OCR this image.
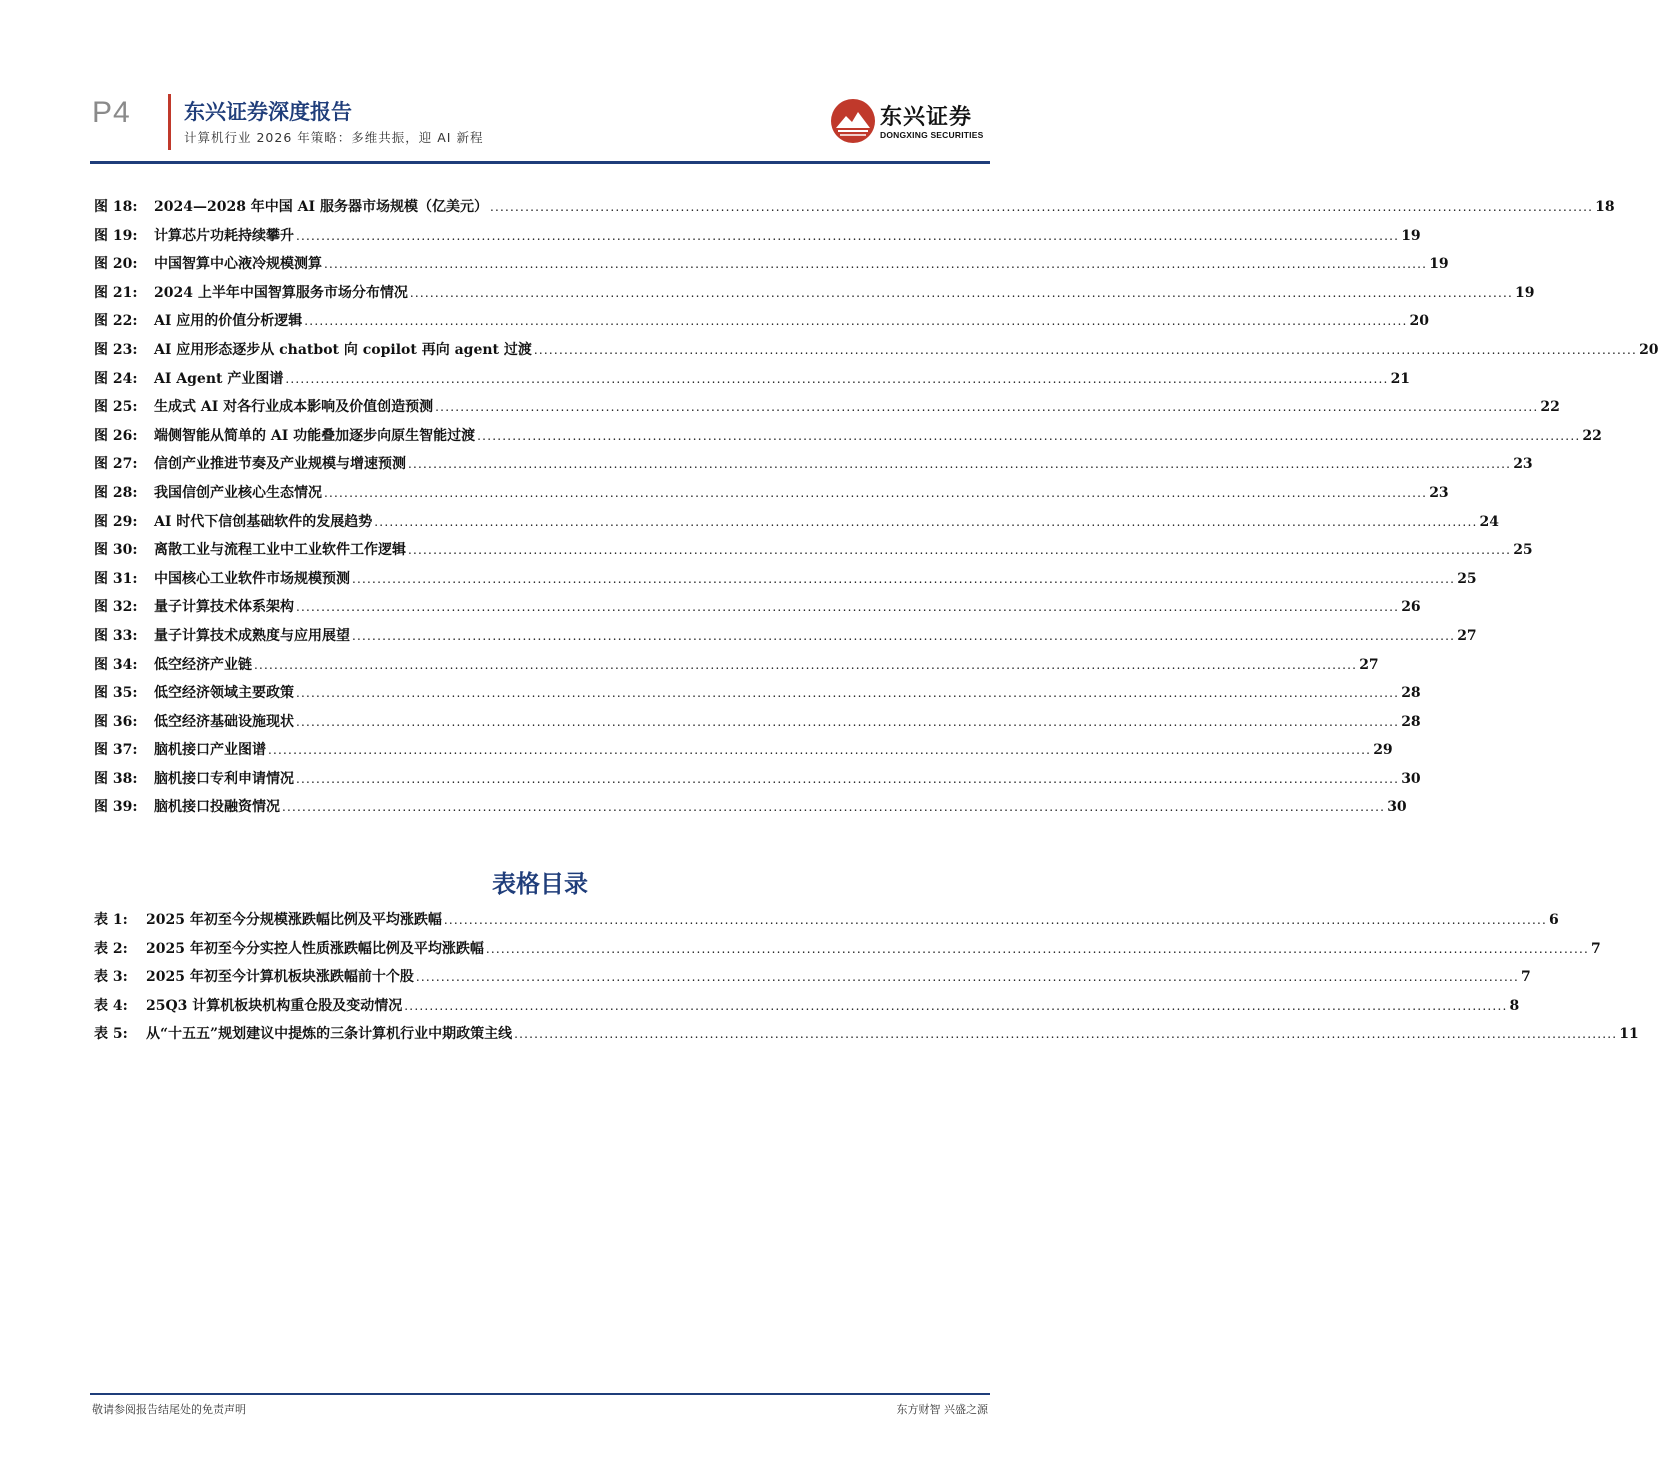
P4	东兴证券深度报告
计算机行业 2026 年策略：多维共振，迎 AI 新程
东兴证券
DONGXING SECURITIES
图 18:	2024—2028 年中国 AI 服务器市场规模（亿美元） ............................................................................................................................................................................................................................ 18
图 19:	计算芯片功耗持续攀升 ............................................................................................................................................................................................................................ 19
图 20:	中国智算中心液冷规模测算 ............................................................................................................................................................................................................................ 19
图 21:	2024 上半年中国智算服务市场分布情况 ............................................................................................................................................................................................................................ 19
图 22:	AI 应用的价值分析逻辑 ............................................................................................................................................................................................................................ 20
图 23:	AI 应用形态逐步从 chatbot 向 copilot 再向 agent 过渡 ............................................................................................................................................................................................................................ 20
图 24:	AI Agent 产业图谱 ............................................................................................................................................................................................................................ 21
图 25:	生成式 AI 对各行业成本影响及价值创造预测 ............................................................................................................................................................................................................................ 22
图 26:	端侧智能从简单的 AI 功能叠加逐步向原生智能过渡 ............................................................................................................................................................................................................................ 22
图 27:	信创产业推进节奏及产业规模与增速预测 ............................................................................................................................................................................................................................ 23
图 28:	我国信创产业核心生态情况 ............................................................................................................................................................................................................................ 23
图 29:	AI 时代下信创基础软件的发展趋势 ............................................................................................................................................................................................................................ 24
图 30:	离散工业与流程工业中工业软件工作逻辑 ............................................................................................................................................................................................................................ 25
图 31:	中国核心工业软件市场规模预测 ............................................................................................................................................................................................................................ 25
图 32:	量子计算技术体系架构 ............................................................................................................................................................................................................................ 26
图 33:	量子计算技术成熟度与应用展望 ............................................................................................................................................................................................................................ 27
图 34:	低空经济产业链 ............................................................................................................................................................................................................................ 27
图 35:	低空经济领域主要政策 ............................................................................................................................................................................................................................ 28
图 36:	低空经济基础设施现状 ............................................................................................................................................................................................................................ 28
图 37:	脑机接口产业图谱 ............................................................................................................................................................................................................................ 29
图 38:	脑机接口专利申请情况 ............................................................................................................................................................................................................................ 30
图 39:	脑机接口投融资情况 ............................................................................................................................................................................................................................ 30
表格目录
表 1:	2025 年初至今分规模涨跌幅比例及平均涨跌幅 ............................................................................................................................................................................................................................ 6
表 2:	2025 年初至今分实控人性质涨跌幅比例及平均涨跌幅 ............................................................................................................................................................................................................................ 7
表 3:	2025 年初至今计算机板块涨跌幅前十个股 ............................................................................................................................................................................................................................ 7
表 4:	25Q3 计算机板块机构重仓股及变动情况 ............................................................................................................................................................................................................................ 8
表 5:	从“十五五”规划建议中提炼的三条计算机行业中期政策主线 ............................................................................................................................................................................................................................ 11
敬请参阅报告结尾处的免责声明	东方财智 兴盛之源
